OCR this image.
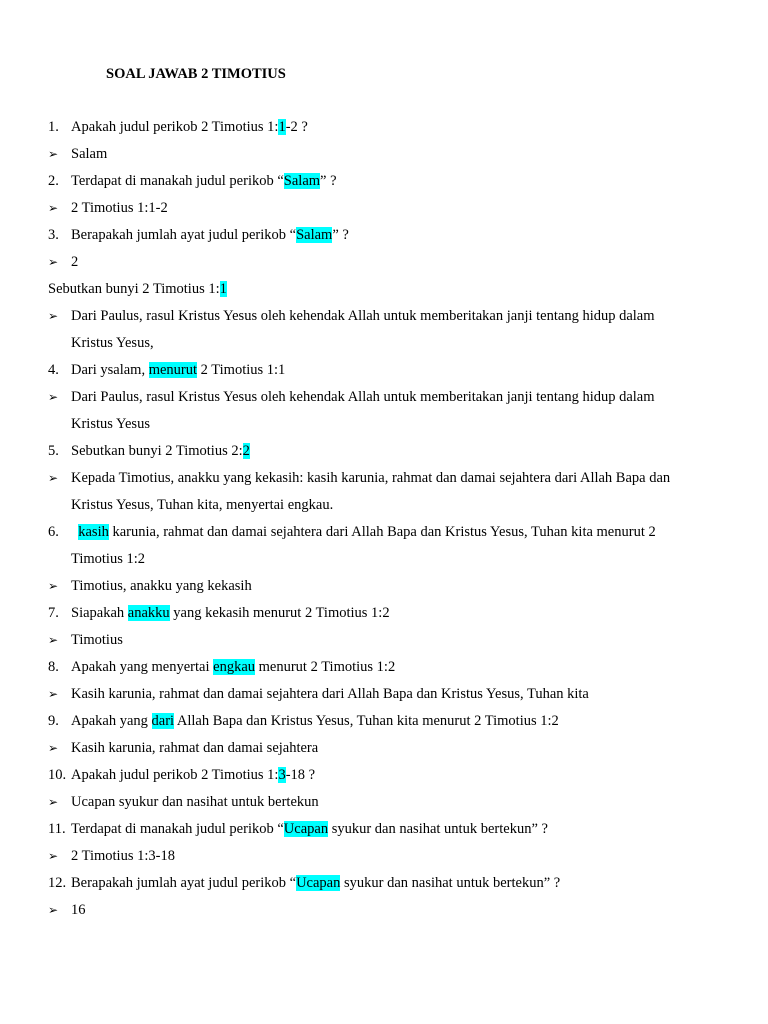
SOAL JAWAB 2 TIMOTIUS
1. Apakah judul perikob 2 Timotius 1:1-2 ?
➢ Salam
2. Terdapat di manakah judul perikob “Salam” ?
➢ 2 Timotius 1:1-2
3. Berapakah jumlah ayat judul perikob “Salam” ?
➢ 2
Sebutkan bunyi 2 Timotius 1:1
➢ Dari Paulus, rasul Kristus Yesus oleh kehendak Allah untuk memberitakan janji tentang hidup dalam Kristus Yesus,
4. Dari ysalam, menurut 2 Timotius 1:1
➢ Dari Paulus, rasul Kristus Yesus oleh kehendak Allah untuk memberitakan janji tentang hidup dalam Kristus Yesus
5. Sebutkan bunyi 2 Timotius 2:2
➢ Kepada Timotius, anakku yang kekasih: kasih karunia, rahmat dan damai sejahtera dari Allah Bapa dan Kristus Yesus, Tuhan kita, menyertai engkau.
6. kasih karunia, rahmat dan damai sejahtera dari Allah Bapa dan Kristus Yesus, Tuhan kita menurut 2 Timotius 1:2
➢ Timotius, anakku yang kekasih
7. Siapakah anakku yang kekasih menurut 2 Timotius 1:2
➢ Timotius
8. Apakah yang menyertai engkau menurut 2 Timotius 1:2
➢ Kasih karunia, rahmat dan damai sejahtera dari Allah Bapa dan Kristus Yesus, Tuhan kita
9. Apakah yang dari Allah Bapa dan Kristus Yesus, Tuhan kita menurut 2 Timotius 1:2
➢ Kasih karunia, rahmat dan damai sejahtera
10. Apakah judul perikob 2 Timotius 1:3-18 ?
➢ Ucapan syukur dan nasihat untuk bertekun
11. Terdapat di manakah judul perikob “Ucapan syukur dan nasihat untuk bertekun” ?
➢ 2 Timotius 1:3-18
12. Berapakah jumlah ayat judul perikob “Ucapan syukur dan nasihat untuk bertekun” ?
➢ 16
